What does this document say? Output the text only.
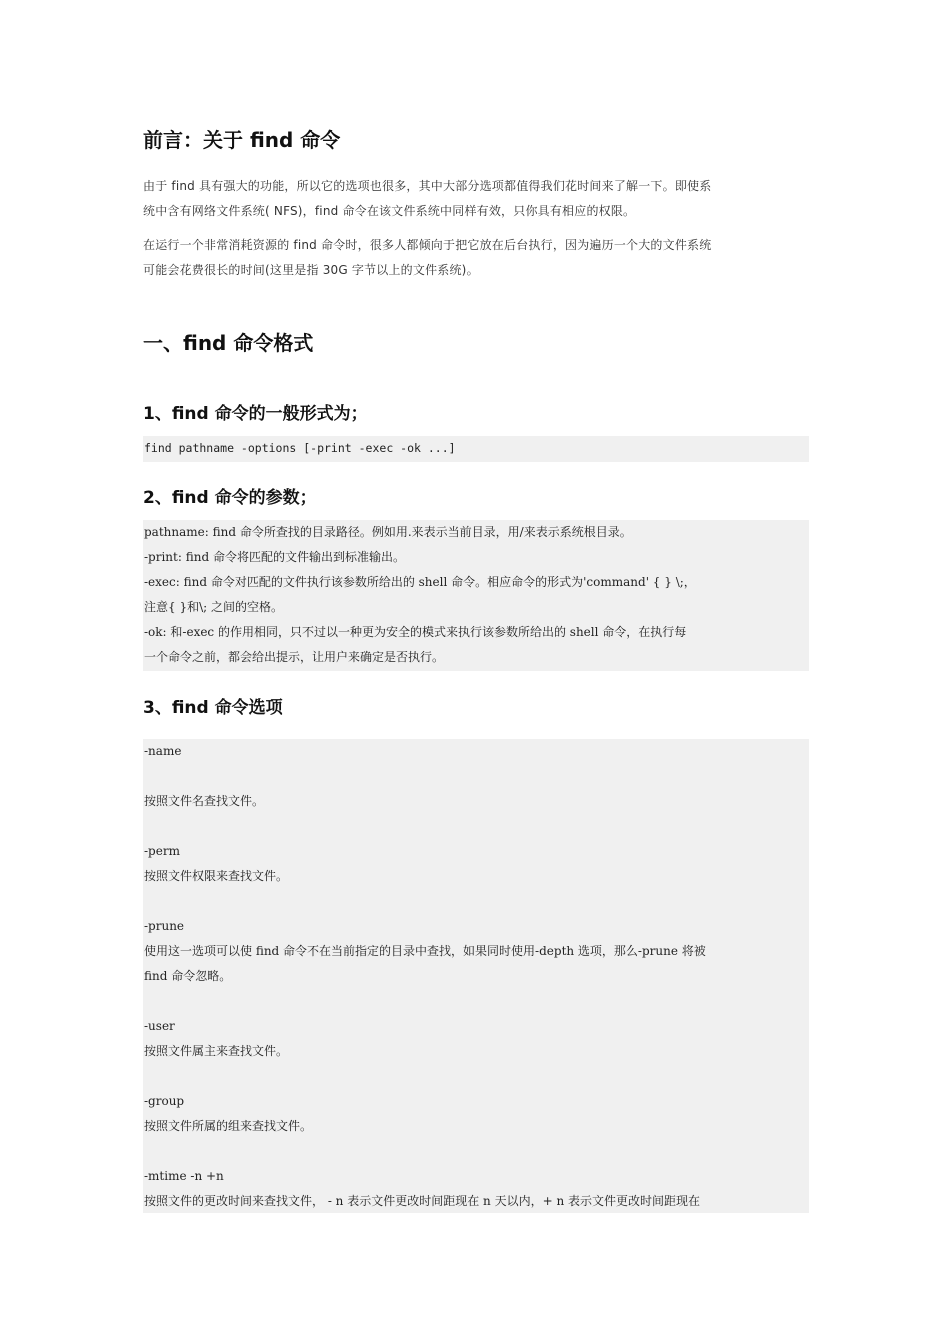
前言：关于 find 命令
由于 find 具有强大的功能，所以它的选项也很多，其中大部分选项都值得我们花时间来了解一下。即使系
统中含有网络文件系统( NFS)，find 命令在该文件系统中同样有效，只你具有相应的权限。
在运行一个非常消耗资源的 find 命令时，很多人都倾向于把它放在后台执行，因为遍历一个大的文件系统
可能会花费很长的时间(这里是指 30G 字节以上的文件系统)。
一、find 命令格式
1、find 命令的一般形式为；
find pathname -options [-print -exec -ok ...]
2、find 命令的参数；
pathname: find 命令所查找的目录路径。例如用.来表示当前目录，用/来表示系统根目录。
-print: find 命令将匹配的文件输出到标准输出。
-exec: find 命令对匹配的文件执行该参数所给出的 shell 命令。相应命令的形式为'command' { } \;，
注意{ }和\; 之间的空格。
-ok: 和-exec 的作用相同，只不过以一种更为安全的模式来执行该参数所给出的 shell 命令，在执行每
一个命令之前，都会给出提示，让用户来确定是否执行。
3、find 命令选项
-name
按照文件名查找文件。
-perm
按照文件权限来查找文件。
-prune
使用这一选项可以使 find 命令不在当前指定的目录中查找，如果同时使用-depth 选项，那么-prune 将被
find 命令忽略。
-user
按照文件属主来查找文件。
-group
按照文件所属的组来查找文件。
-mtime -n +n
按照文件的更改时间来查找文件， - n 表示文件更改时间距现在 n 天以内，+ n 表示文件更改时间距现在
